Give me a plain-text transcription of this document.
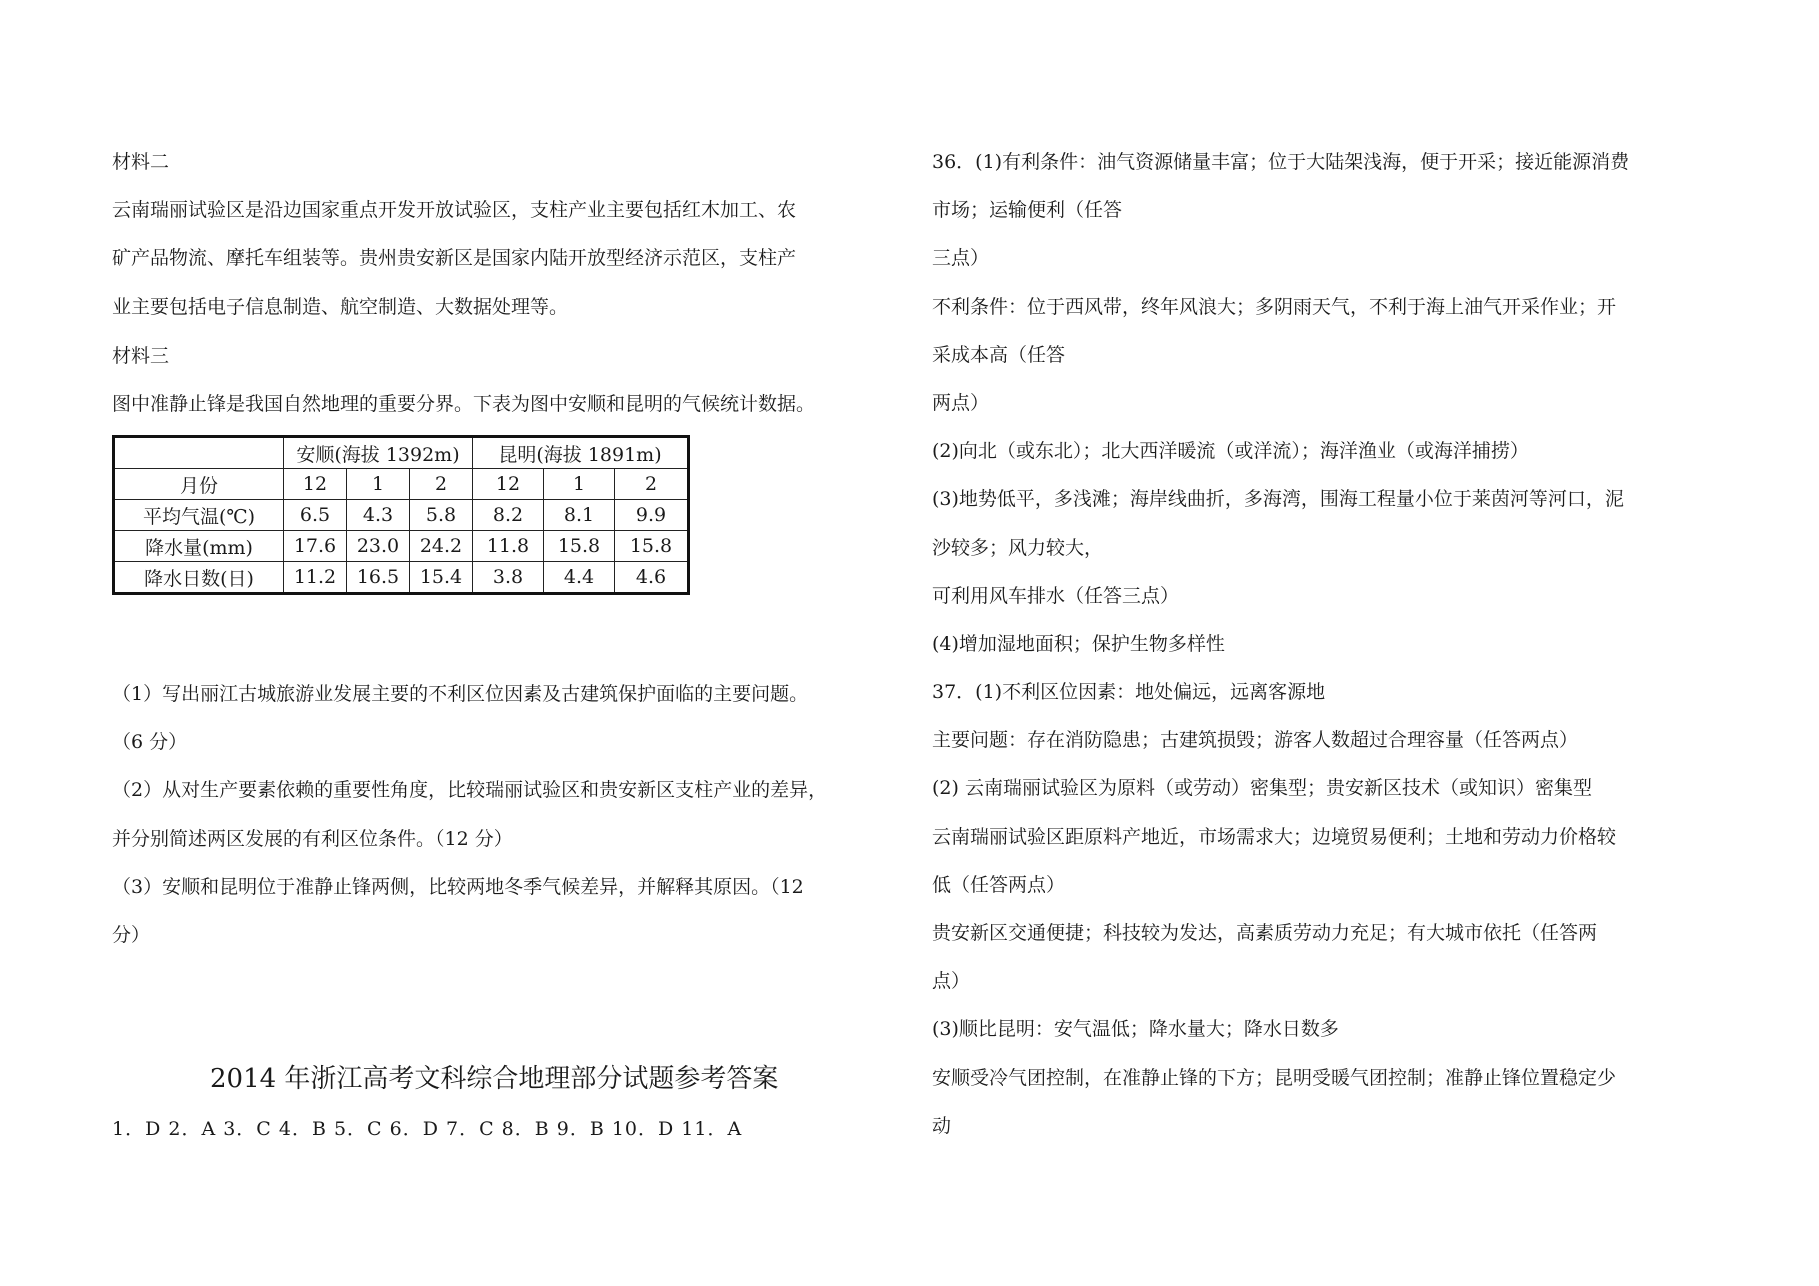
材料二
云南瑞丽试验区是沿边国家重点开发开放试验区，支柱产业主要包括红木加工、农
矿产品物流、摩托车组装等。贵州贵安新区是国家内陆开放型经济示范区，支柱产
业主要包括电子信息制造、航空制造、大数据处理等。
材料三
图中准静止锋是我国自然地理的重要分界。下表为图中安顺和昆明的气候统计数据。
	安顺(海拔 1392m)			昆明(海拔 1891m)		
月份	12	1	2	12	1	2
平均气温(℃)	6.5	4.3	5.8	8.2	8.1	9.9
降水量(mm)	17.6	23.0	24.2	11.8	15.8	15.8
降水日数(日)	11.2	16.5	15.4	3.8	4.4	4.6
（1）写出丽江古城旅游业发展主要的不利区位因素及古建筑保护面临的主要问题。
（6 分）
（2）从对生产要素依赖的重要性角度，比较瑞丽试验区和贵安新区支柱产业的差异，
并分别简述两区发展的有利区位条件。（12 分）
（3）安顺和昆明位于准静止锋两侧，比较两地冬季气候差异，并解释其原因。（12
分）
2014 年浙江高考文科综合地理部分试题参考答案
1．D 2．A 3．C 4．B 5．C 6．D 7．C 8．B 9．B 10．D 11．A
36．(1)有利条件：油气资源储量丰富；位于大陆架浅海，便于开采；接近能源消费
市场；运输便利（任答
三点）
不利条件：位于西风带，终年风浪大；多阴雨天气，不利于海上油气开采作业；开
采成本高（任答
两点）
(2)向北（或东北）；北大西洋暖流（或洋流）；海洋渔业（或海洋捕捞）
(3)地势低平，多浅滩；海岸线曲折，多海湾，围海工程量小位于莱茵河等河口，泥
沙较多；风力较大，
可利用风车排水（任答三点）
(4)增加湿地面积；保护生物多样性
37．(1)不利区位因素：地处偏远，远离客源地
主要问题：存在消防隐患；古建筑损毁；游客人数超过合理容量（任答两点）
(2) 云南瑞丽试验区为原料（或劳动）密集型；贵安新区技术（或知识）密集型
云南瑞丽试验区距原料产地近，市场需求大；边境贸易便利；土地和劳动力价格较
低（任答两点）
贵安新区交通便捷；科技较为发达，高素质劳动力充足；有大城市依托（任答两
点）
(3)顺比昆明：安气温低；降水量大；降水日数多
安顺受冷气团控制，在准静止锋的下方；昆明受暖气团控制；准静止锋位置稳定少
动
